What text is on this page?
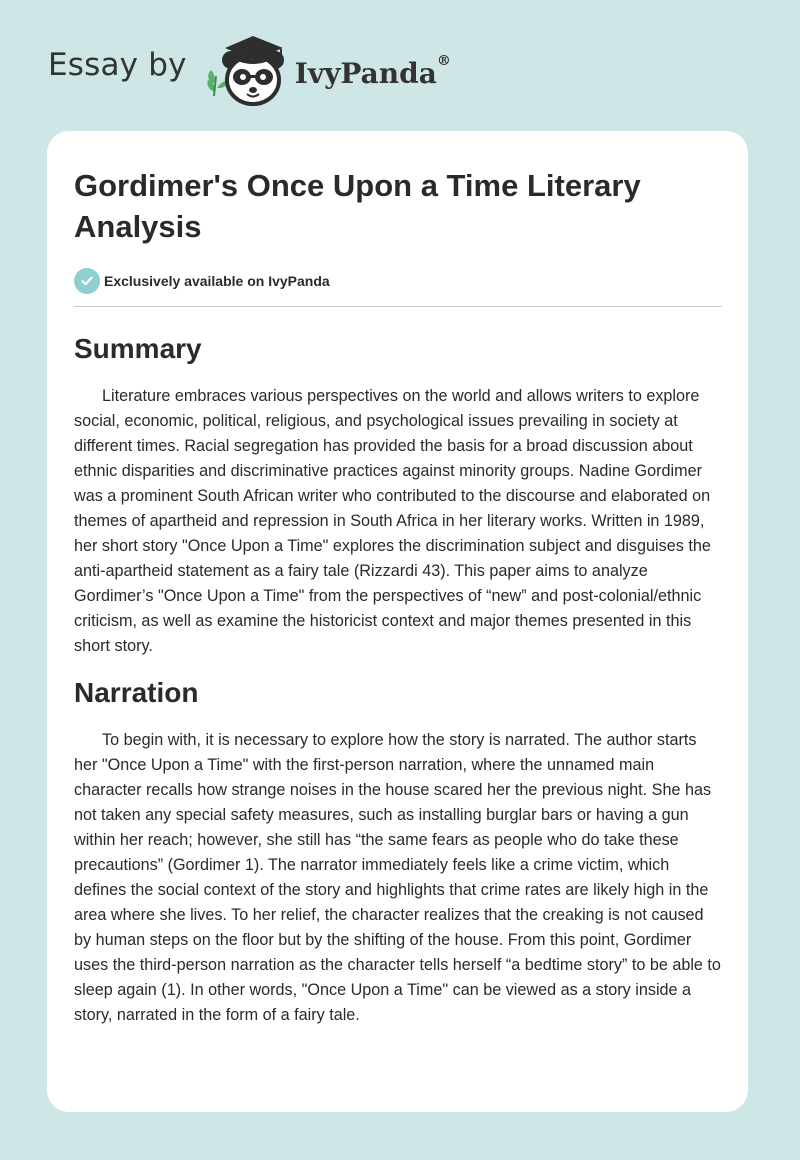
Essay by	IvyPanda®
Gordimer's Once Upon a Time Literary Analysis
Exclusively available on IvyPanda
Summary

Literature embraces various perspectives on the world and allows writers to explore social, economic, political, religious, and psychological issues prevailing in society at different times. Racial segregation has provided the basis for a broad discussion about ethnic disparities and discriminative practices against minority groups. Nadine Gordimer was a prominent South African writer who contributed to the discourse and elaborated on themes of apartheid and repression in South Africa in her literary works. Written in 1989, her short story "Once Upon a Time" explores the discrimination subject and disguises the anti-apartheid statement as a fairy tale (Rizzardi 43). This paper aims to analyze Gordimer’s "Once Upon a Time" from the perspectives of “new” and post-colonial/ethnic criticism, as well as examine the historicist context and major themes presented in this short story.

Narration

To begin with, it is necessary to explore how the story is narrated. The author starts her "Once Upon a Time" with the first-person narration, where the unnamed main character recalls how strange noises in the house scared her the previous night. She has not taken any special safety measures, such as installing burglar bars or having a gun within her reach; however, she still has “the same fears as people who do take these precautions” (Gordimer 1). The narrator immediately feels like a crime victim, which defines the social context of the story and highlights that crime rates are likely high in the area where she lives. To her relief, the character realizes that the creaking is not caused by human steps on the floor but by the shifting of the house. From this point, Gordimer uses the third-person narration as the character tells herself “a bedtime story” to be able to sleep again (1). In other words, "Once Upon a Time" can be viewed as a story inside a story, narrated in the form of a fairy tale.
